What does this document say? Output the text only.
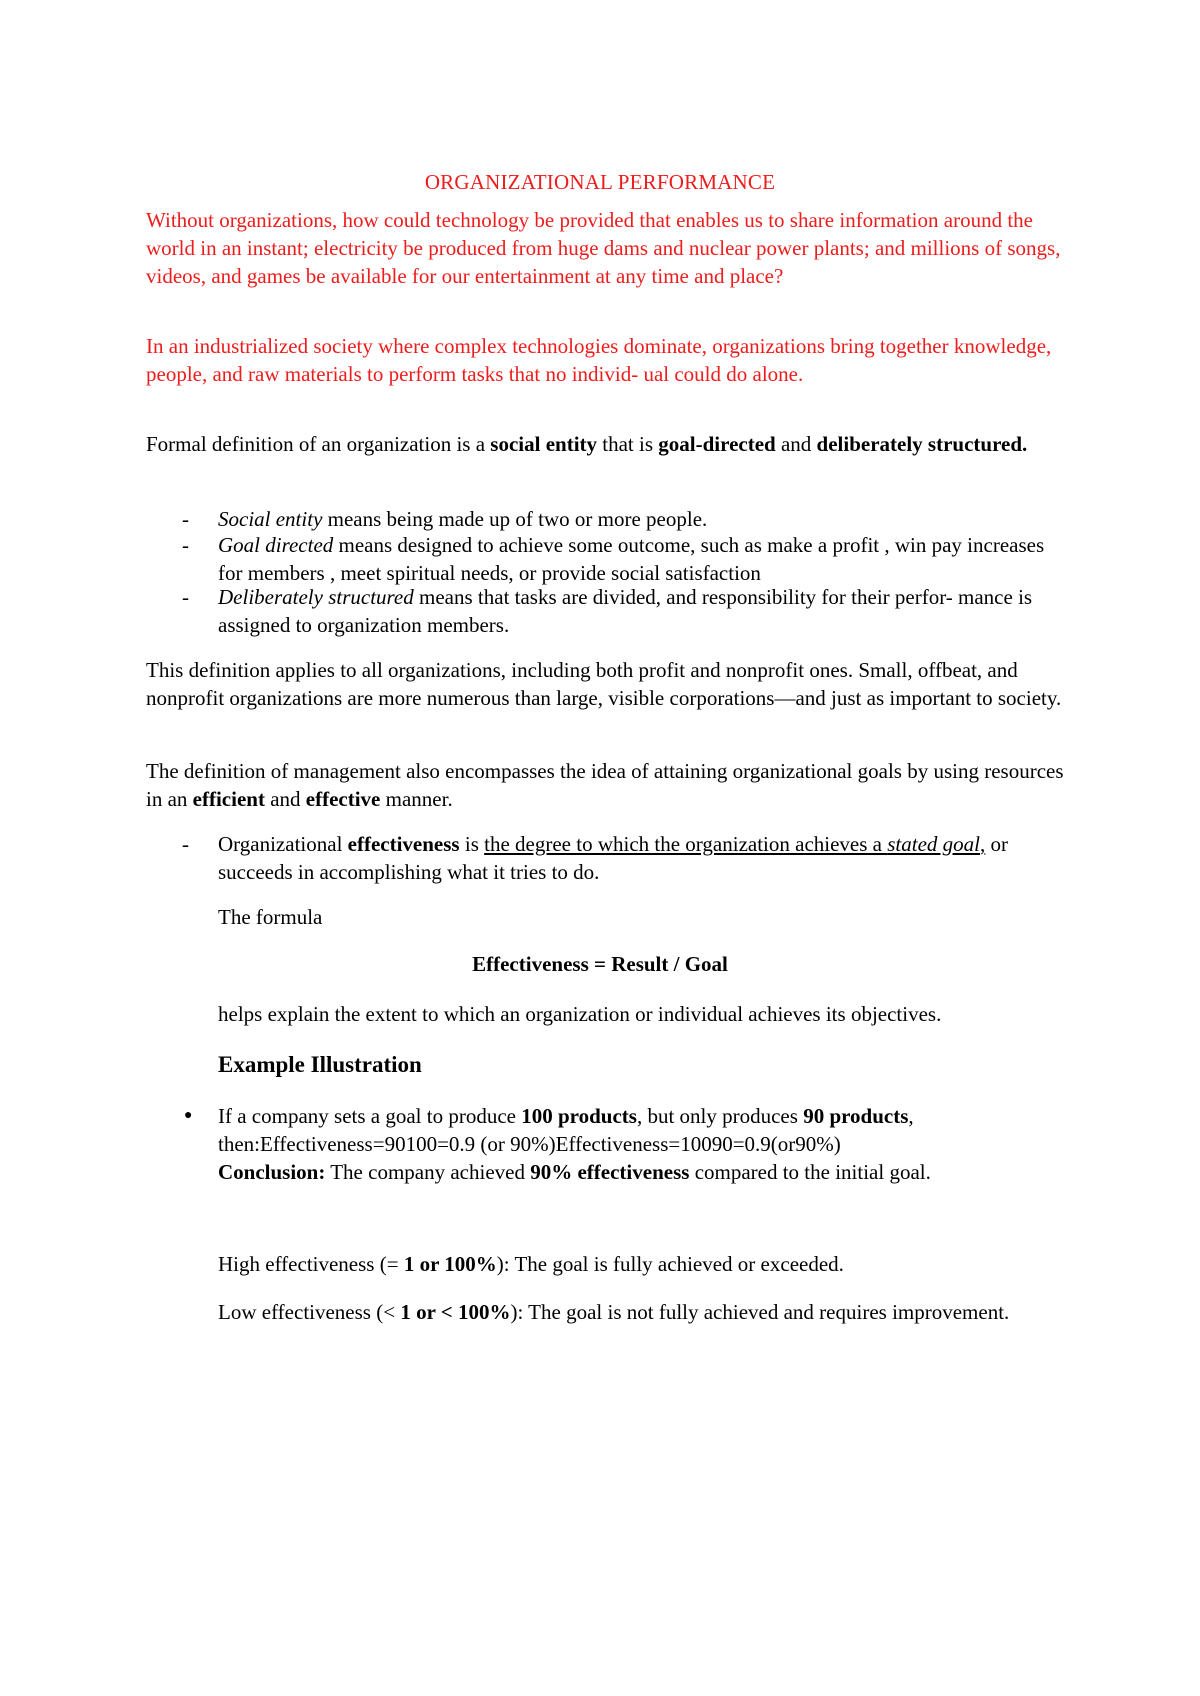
ORGANIZATIONAL PERFORMANCE

Without organizations, how could technology be provided that enables us to share information around the world in an instant; electricity be produced from huge dams and nuclear power plants; and millions of songs, videos, and games be available for our entertainment at any time and place?

In an industrialized society where complex technologies dominate, organizations bring together knowledge, people, and raw materials to perform tasks that no individ- ual could do alone.

Formal definition of an organization is a social entity that is goal-directed and deliberately structured.

- Social entity means being made up of two or more people.
- Goal directed means designed to achieve some outcome, such as make a profit , win pay increases for members , meet spiritual needs, or provide social satisfaction
- Deliberately structured means that tasks are divided, and responsibility for their perfor- mance is assigned to organization members.

This definition applies to all organizations, including both profit and nonprofit ones. Small, offbeat, and nonprofit organizations are more numerous than large, visible corporations—and just as important to society.

The definition of management also encompasses the idea of attaining organizational goals by using resources in an efficient and effective manner.

- Organizational effectiveness is the degree to which the organization achieves a stated goal, or succeeds in accomplishing what it tries to do.
The formula
Effectiveness = Result / Goal
helps explain the extent to which an organization or individual achieves its objectives.
Example Illustration
● If a company sets a goal to produce 100 products, but only produces 90 products,
then:Effectiveness=90100=0.9 (or 90%)Effectiveness=10090=0.9(or90%)
Conclusion: The company achieved 90% effectiveness compared to the initial goal.
High effectiveness (= 1 or 100%): The goal is fully achieved or exceeded.
Low effectiveness (< 1 or < 100%): The goal is not fully achieved and requires improvement.
